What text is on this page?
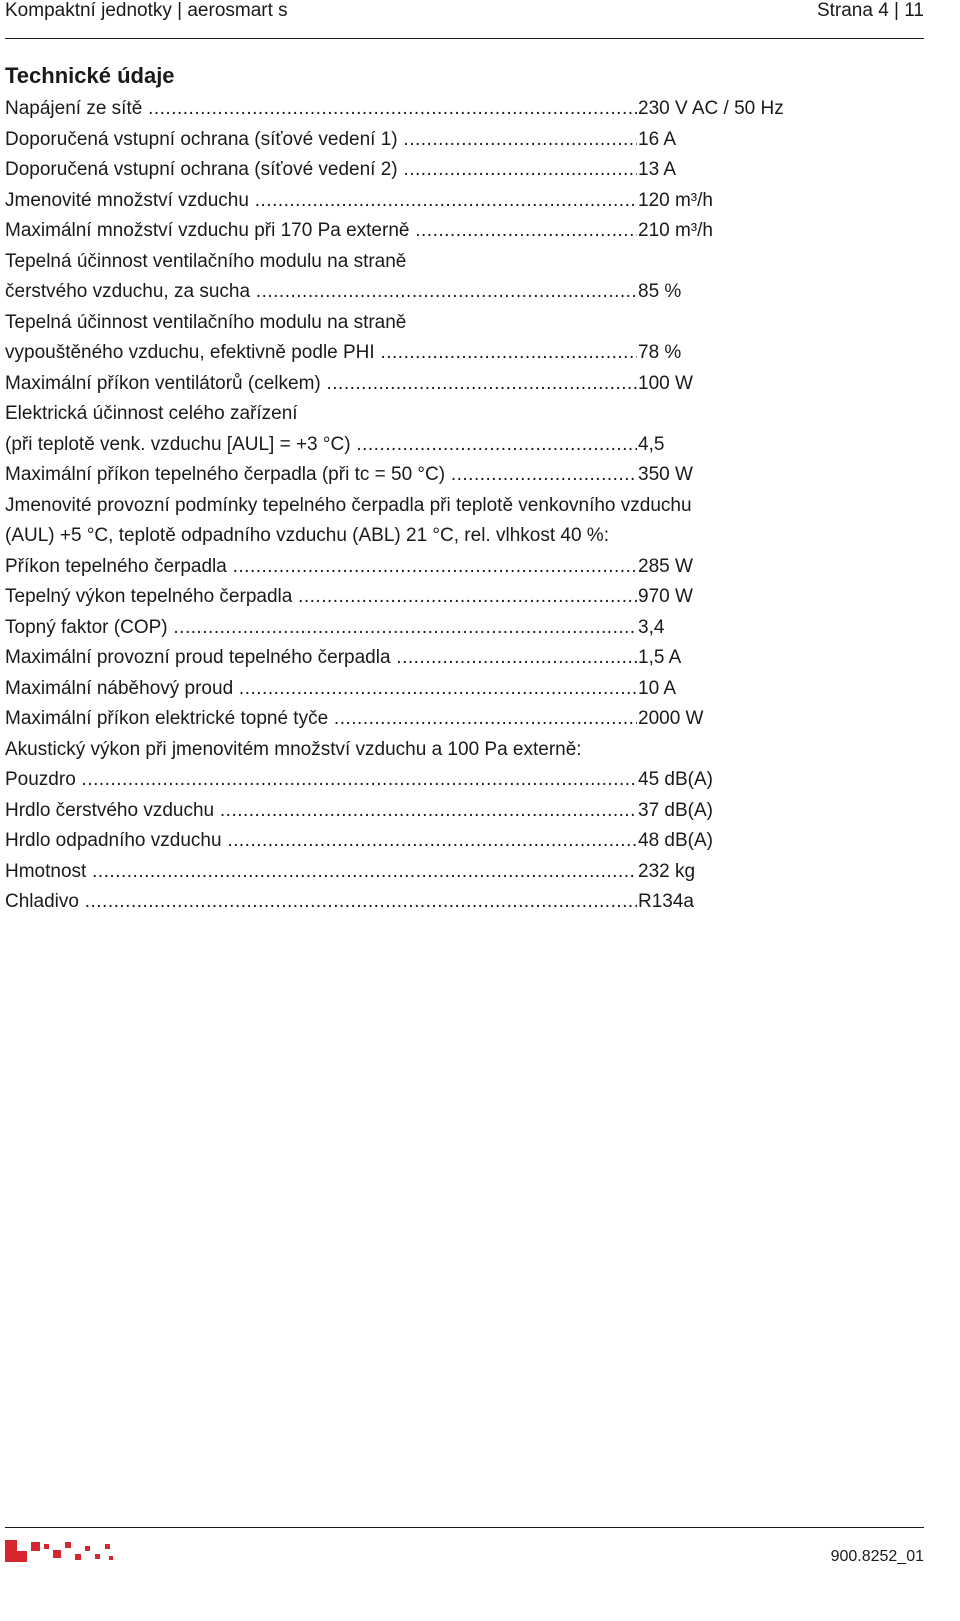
Kompaktní jednotky | aerosmart s	Strana 4 | 11
Technické údaje
Napájení ze sítě .....	230 V AC / 50 Hz
Doporučená vstupní ochrana (síťové vedení 1) .....	16 A
Doporučená vstupní ochrana (síťové vedení 2) .....	13 A
Jmenovité množství vzduchu .....	120 m³/h
Maximální množství vzduchu při 170 Pa externě .....	210 m³/h
Tepelná účinnost ventilačního modulu na straně
čerstvého vzduchu, za sucha .....	85 %
Tepelná účinnost ventilačního modulu na straně
vypouštěného vzduchu, efektivně podle PHI .....	78 %
Maximální příkon ventilátorů (celkem) .....	100 W
Elektrická účinnost celého zařízení
(při teplotě venk. vzduchu [AUL] = +3 °C) .....	4,5
Maximální příkon tepelného čerpadla (při tc = 50 °C) .....	350 W
Jmenovité provozní podmínky tepelného čerpadla při teplotě venkovního vzduchu
(AUL) +5 °C, teplotě odpadního vzduchu (ABL) 21 °C, rel. vlhkost 40 %:
Příkon tepelného čerpadla .....	285 W
Tepelný výkon tepelného čerpadla .....	970 W
Topný faktor (COP) .....	3,4
Maximální provozní proud tepelného čerpadla .....	1,5 A
Maximální náběhový proud .....	10 A
Maximální příkon elektrické topné tyče .....	2000 W
Akustický výkon při jmenovitém množství vzduchu a 100 Pa externě:
Pouzdro .....	45 dB(A)
Hrdlo čerstvého vzduchu .....	37 dB(A)
Hrdlo odpadního vzduchu .....	48 dB(A)
Hmotnost .....	232 kg
Chladivo .....	R134a
900.8252_01
